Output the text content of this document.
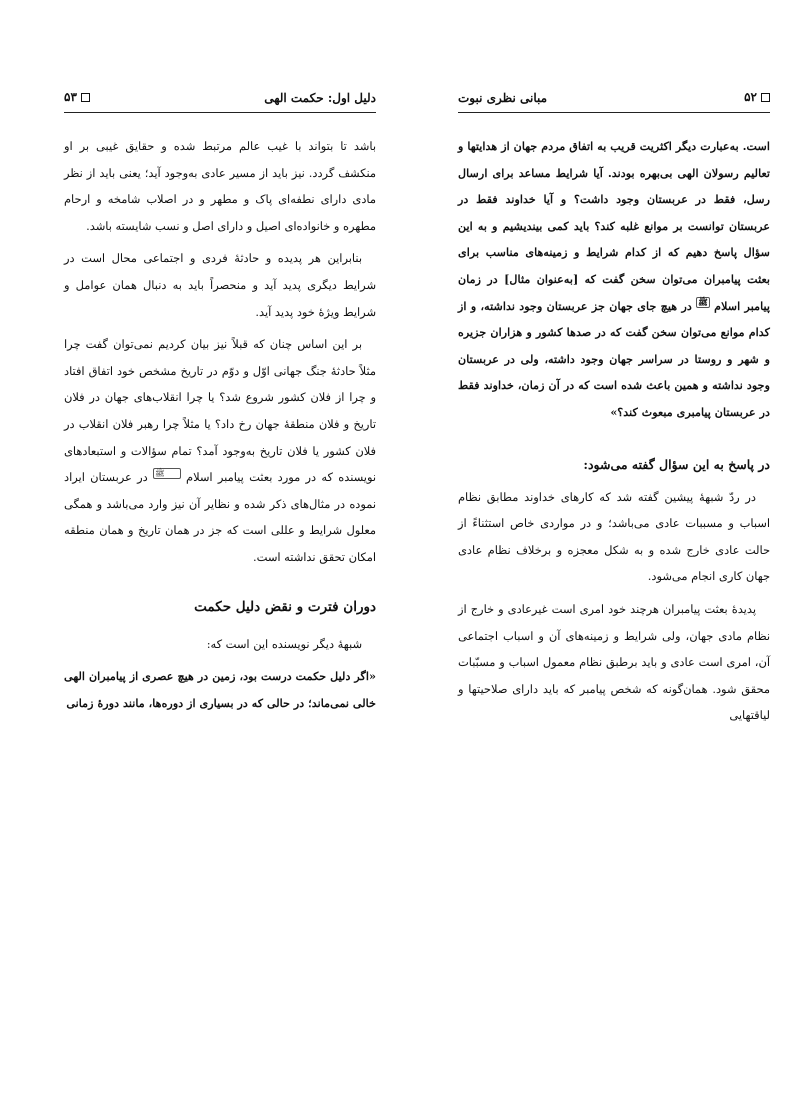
دلیل اول: حکمت الهی
۵۳

باشد تا بتواند با غیب عالم مرتبط شده و حقایق غیبی بر او منکشف گردد. نیز باید از مسیر عادی به‌وجود آید؛ یعنی باید از نظر مادی دارای نطفه‌ای پاک و مطهر و در اصلاب شامخه و ارحام مطهره و خانواده‌ای اصیل و دارای اصل و نسب شایسته باشد.

بنابراین هر پدیده و حادثهٔ فردی و اجتماعی محال است در شرایط دیگری پدید آید و منحصراً باید به دنبال همان عوامل و شرایط ویژهٔ خود پدید آید.

بر این اساس چنان که قبلاً نیز بیان کردیم نمی‌توان گفت چرا مثلاً حادثهٔ جنگ جهانی اوّل و دوّم در تاریخ مشخص خود اتفاق افتاد و چرا از فلان کشور شروع شد؟ یا چرا انقلاب‌های جهان در فلان تاریخ و فلان منطقهٔ جهان رخ داد؟ یا مثلاً چرا رهبر فلان انقلاب در فلان کشور یا فلان تاریخ به‌وجود آمد؟ تمام سؤالات و استبعادهای نویسنده که در مورد بعثت پیامبر اسلام ﷺ در عربستان ایراد نموده در مثال‌های ذکر شده و نظایر آن نیز وارد می‌باشد و همگی معلول شرایط و عللی است که جز در همان تاریخ و همان منطقه امکان تحقق نداشته است.

دوران فترت و نقض دلیل حکمت

شبههٔ دیگر نویسنده این است که:

«اگر دلیل حکمت درست بود، زمین در هیچ عصری از پیامبران الهی خالی نمی‌ماند؛ در حالی که در بسیاری از دوره‌ها، مانند دورهٔ زمانی

مبانی نظری نبوت	۵۲

است. به‌عبارت دیگر اکثریت قریب به اتفاق مردم جهان از هدایتها و تعالیم رسولان الهی بی‌بهره بودند. آیا شرایط مساعد برای ارسال رسل، فقط در عربستان وجود داشت؟ و آیا خداوند فقط در عربستان توانست بر موانع غلبه کند؟ باید کمی بیندیشیم و به این سؤال پاسخ دهیم که از کدام شرایط و زمینه‌های مناسب برای بعثت پیامبران می‌توان سخن گفت که [به‌عنوان مثال] در زمان پیامبر اسلام ﷺ در هیچ جای جهان جز عربستان وجود نداشته، و از کدام موانع می‌توان سخن گفت که در صدها کشور و هزاران جزیره و شهر و روستا در سراسر جهان وجود داشته، ولی در عربستان وجود نداشته و همین باعث شده است که در آن زمان، خداوند فقط در عربستان پیامبری مبعوث کند؟»

در پاسخ به این سؤال گفته می‌شود:

در ردّ شبههٔ پیشین گفته شد که کارهای خداوند مطابق نظام اسباب و مسببات عادی می‌باشد؛ و در مواردی خاص استثناءً از حالت عادی خارج شده و به شکل معجزه و برخلاف نظام عادی جهان کاری انجام می‌شود.

پدیدهٔ بعثت پیامبران هرچند خود امری است غیرعادی و خارج از نظام مادی جهان، ولی شرایط و زمینه‌های آن و اسباب اجتماعی آن، امری است عادی و باید برطبق نظام معمول اسباب و مسبّبات محقق شود. همان‌گونه که شخص پیامبر که باید دارای صلاحیتها و لیاقتهایی
